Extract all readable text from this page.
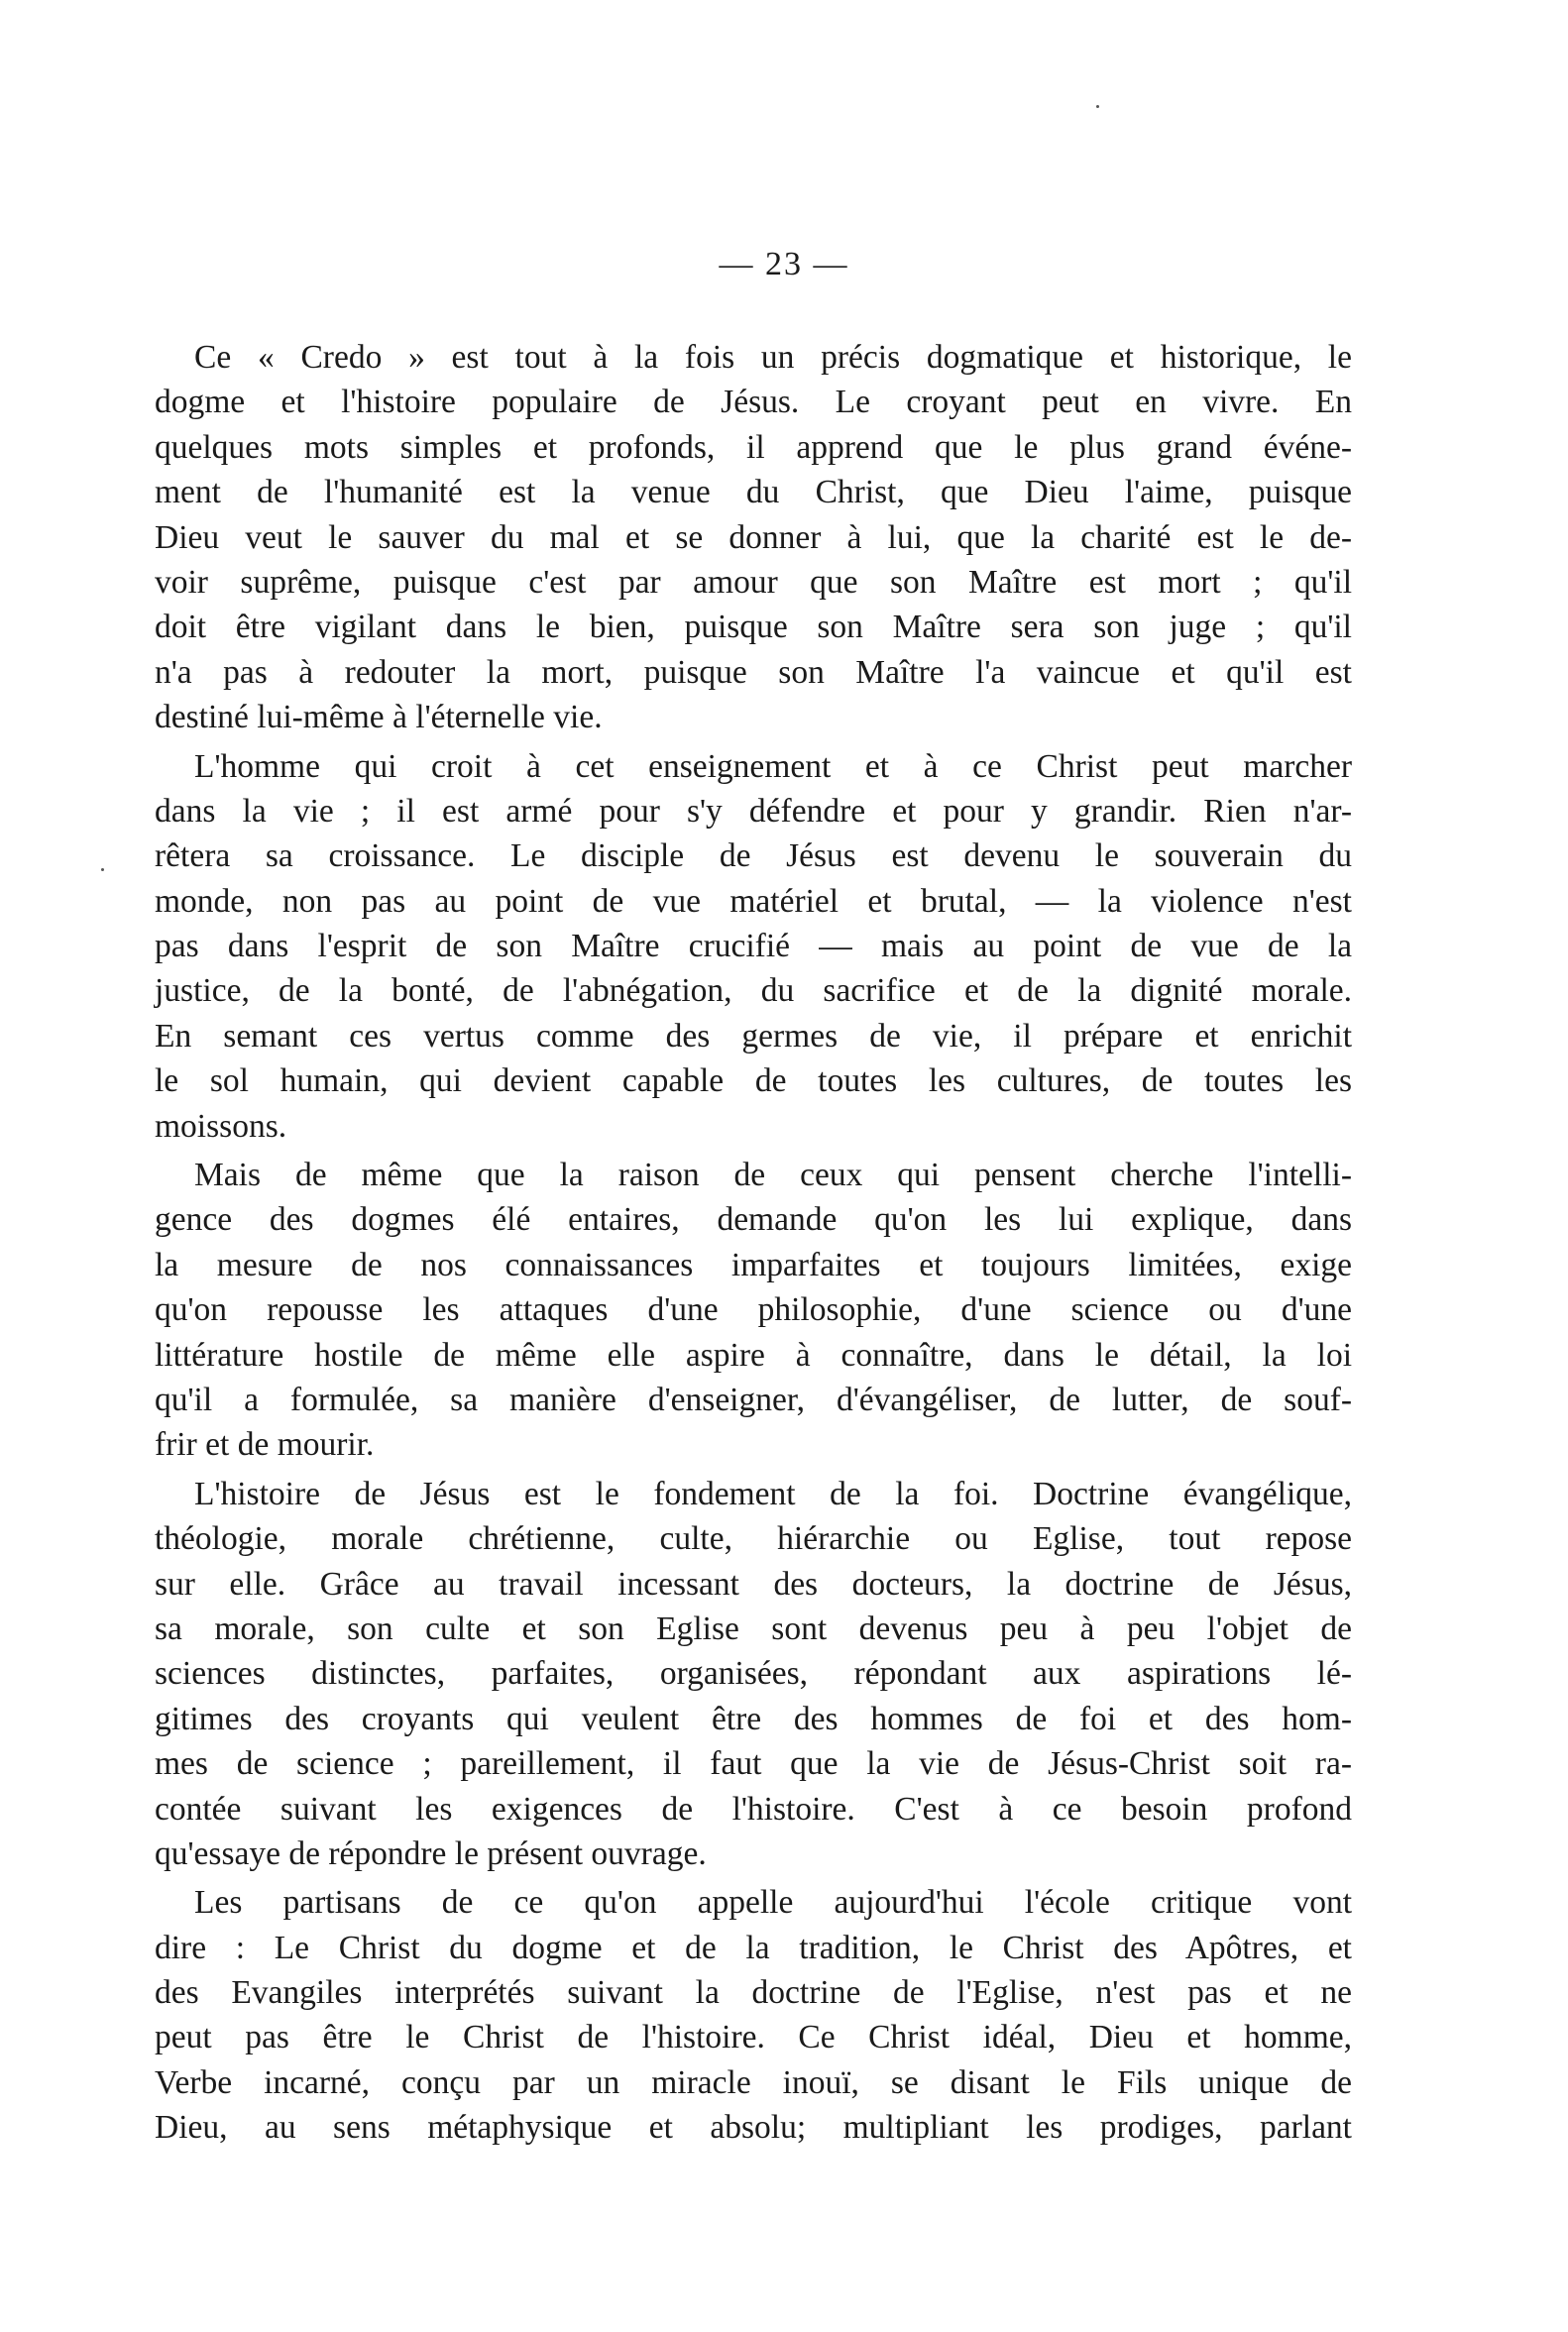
— 23 —
Ce « Credo » est tout à la fois un précis dogmatique et historique, le
dogme et l'histoire populaire de Jésus. Le croyant peut en vivre. En
quelques mots simples et profonds, il apprend que le plus grand événe-
ment de l'humanité est la venue du Christ, que Dieu l'aime, puisque
Dieu veut le sauver du mal et se donner à lui, que la charité est le de-
voir suprême, puisque c'est par amour que son Maître est mort ; qu'il
doit être vigilant dans le bien, puisque son Maître sera son juge ; qu'il
n'a pas à redouter la mort, puisque son Maître l'a vaincue et qu'il est
destiné lui-même à l'éternelle vie.
L'homme qui croit à cet enseignement et à ce Christ peut marcher
dans la vie ; il est armé pour s'y défendre et pour y grandir. Rien n'ar-
rêtera sa croissance. Le disciple de Jésus est devenu le souverain du
monde, non pas au point de vue matériel et brutal, — la violence n'est
pas dans l'esprit de son Maître crucifié — mais au point de vue de la
justice, de la bonté, de l'abnégation, du sacrifice et de la dignité morale.
En semant ces vertus comme des germes de vie, il prépare et enrichit
le sol humain, qui devient capable de toutes les cultures, de toutes les
moissons.
Mais de même que la raison de ceux qui pensent cherche l'intelli-
gence des dogmes élé entaires, demande qu'on les lui explique, dans
la mesure de nos connaissances imparfaites et toujours limitées, exige
qu'on repousse les attaques d'une philosophie, d'une science ou d'une
littérature hostile de même elle aspire à connaître, dans le détail, la loi
qu'il a formulée, sa manière d'enseigner, d'évangéliser, de lutter, de souf-
frir et de mourir.
L'histoire de Jésus est le fondement de la foi. Doctrine évangélique,
théologie, morale chrétienne, culte, hiérarchie ou Eglise, tout repose
sur elle. Grâce au travail incessant des docteurs, la doctrine de Jésus,
sa morale, son culte et son Eglise sont devenus peu à peu l'objet de
sciences distinctes, parfaites, organisées, répondant aux aspirations lé-
gitimes des croyants qui veulent être des hommes de foi et des hom-
mes de science ; pareillement, il faut que la vie de Jésus-Christ soit ra-
contée suivant les exigences de l'histoire. C'est à ce besoin profond
qu'essaye de répondre le présent ouvrage.
Les partisans de ce qu'on appelle aujourd'hui l'école critique vont
dire : Le Christ du dogme et de la tradition, le Christ des Apôtres, et
des Evangiles interprétés suivant la doctrine de l'Eglise, n'est pas et ne
peut pas être le Christ de l'histoire. Ce Christ idéal, Dieu et homme,
Verbe incarné, conçu par un miracle inouï, se disant le Fils unique de
Dieu, au sens métaphysique et absolu; multipliant les prodiges, parlant
